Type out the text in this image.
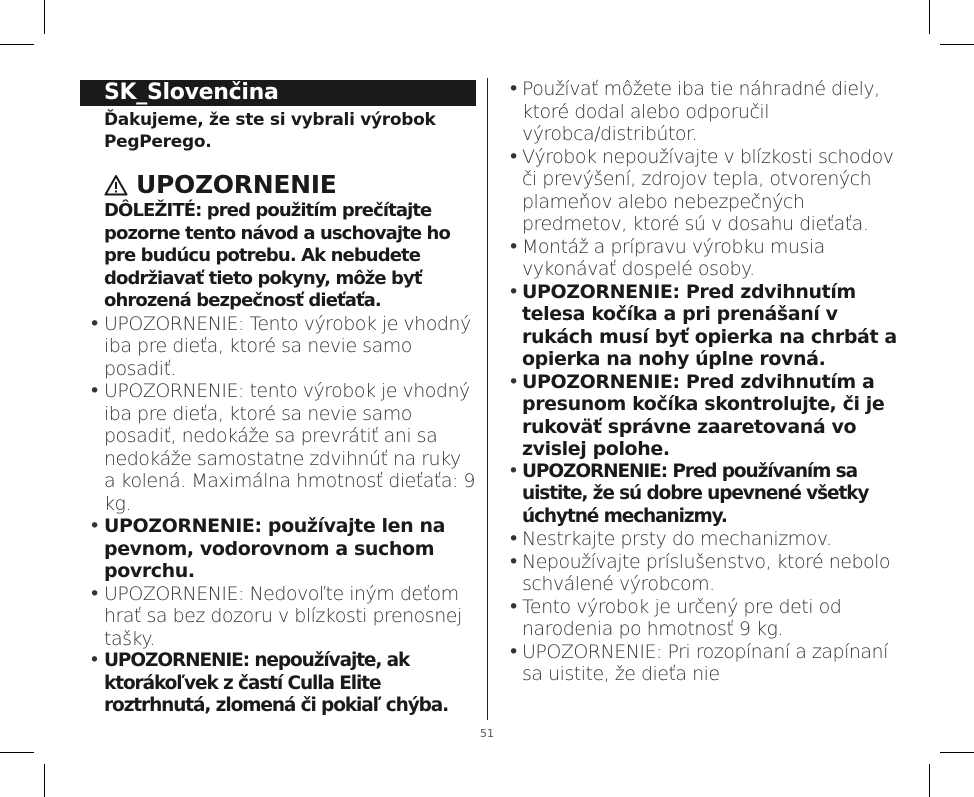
SK_Slovenčina
Ďakujeme, že ste si vybrali výrobok PegPerego.
UPOZORNENIE
DÔLEŽITÉ: pred použitím prečítajte pozorne tento návod a uschovajte ho pre budúcu potrebu. Ak nebudete dodržiavať tieto pokyny, môže byť ohrozená bezpečnosť dieťaťa.
• UPOZORNENIE: Tento výrobok je vhodný iba pre dieťa, ktoré sa nevie samo posadiť.
• UPOZORNENIE: tento výrobok je vhodný iba pre dieťa, ktoré sa nevie samo posadiť, nedokáže sa prevrátiť ani sa nedokáže samostatne zdvihnúť na ruky a kolená. Maximálna hmotnosť dieťaťa: 9 kg.
• UPOZORNENIE: používajte len na pevnom, vodorovnom a suchom povrchu.
• UPOZORNENIE: Nedovoľte iným deťom hrať sa bez dozoru v blízkosti prenosnej tašky.
• UPOZORNENIE: nepoužívajte, ak ktorákoľvek z častí Culla Elite roztrhnutá, zlomená či pokiaľ chýba.
• Používať môžete iba tie náhradné diely, ktoré dodal alebo odporučil výrobca/distribútor.
• Výrobok nepoužívajte v blízkosti schodov či prevýšení, zdrojov tepla, otvorených plameňov alebo nebezpečných predmetov, ktoré sú v dosahu dieťaťa.
• Montáž a prípravu výrobku musia vykonávať dospelé osoby.
• UPOZORNENIE: Pred zdvihnutím telesa kočíka a pri prenášaní v rukách musí byť opierka na chrbát a opierka na nohy úplne rovná.
• UPOZORNENIE: Pred zdvihnutím a presunom kočíka skontrolujte, či je rukoväť správne zaaretovaná vo zvislej polohe.
• UPOZORNENIE: Pred používaním sa uistite, že sú dobre upevnené všetky úchytné mechanizmy.
• Nestrkajte prsty do mechanizmov.
• Nepoužívajte príslušenstvo, ktoré nebolo schválené výrobcom.
• Tento výrobok je určený pre deti od narodenia po hmotnosť 9 kg.
• UPOZORNENIE: Pri rozopínaní a zapínaní sa uistite, že dieťa nie
51
